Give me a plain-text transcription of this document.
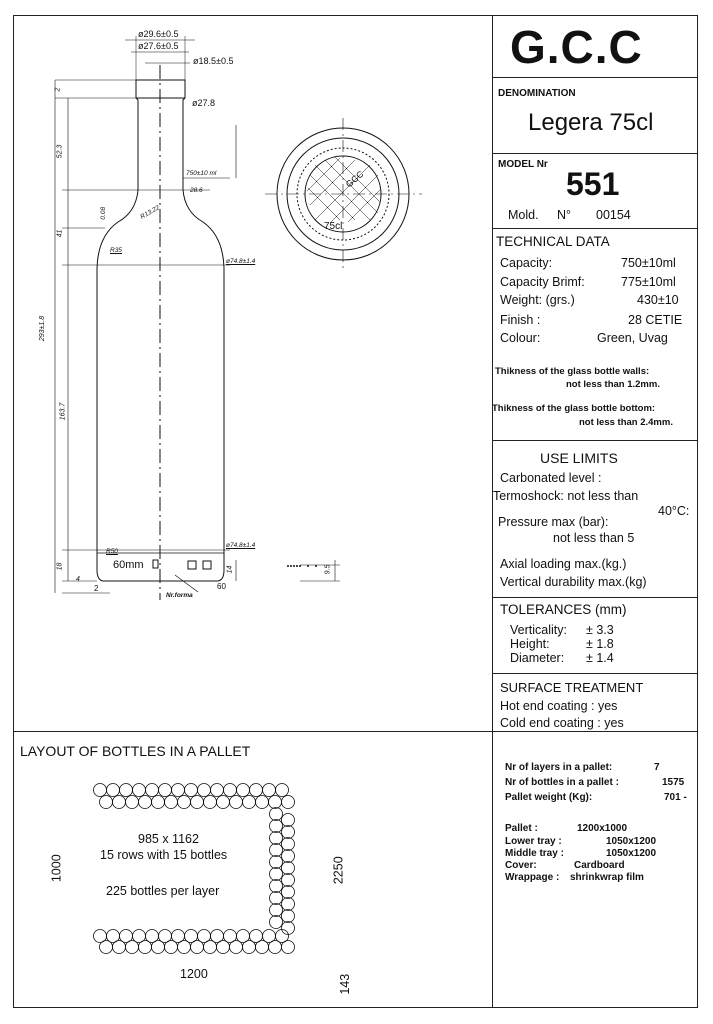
G.C.C
DENOMINATION
Legera 75cl
MODEL Nr
551
Mold. N° 00154
TECHNICAL DATA
Capacity:	750±10ml
Capacity Brimf:	775±10ml
Weight: (grs.)	430±10
Finish :	28 CETIE
Colour:	Green, Uvag
Thikness of the glass bottle walls:
not less than 1.2mm.
Thikness of the glass bottle bottom:
not less than 2.4mm.
USE LIMITS
Carbonated level :
Termoshock: not less than
40°C:
Pressure max (bar):
not less than 5
Axial loading max.(kg.)
Vertical durability max.(kg)
TOLERANCES (mm)
Verticality: ± 3.3
Height:	± 1.8
Diameter: ± 1.4
SURFACE TREATMENT
Hot end coating : yes
Cold end coating : yes
Nr of layers in a pallet:	7
Nr of bottles in a pallet :	1575
Pallet weight (Kg):	701 -
Pallet :	1200x1000
Lower tray :	1050x1200
Middle tray :	1050x1200
Cover:	Cardboard
Wrappage : shrinkwrap film
ø29.6±0.5
ø27.6±0.5
ø18.5±0.5
ø27.8
750±10 ml
28.6
ø74.8±1.4
ø74.8±1.4
R13.22
R35
R50
0.08
2
52.3
41
163.7
293±1.8
18	14
4
2	60
9.5
60mm
Nr.forma
GCC
75cl
LAYOUT OF BOTTLES IN A PALLET
985 x 1162
15 rows with 15 bottles
225 bottles per layer
1200
1000	2250
143
